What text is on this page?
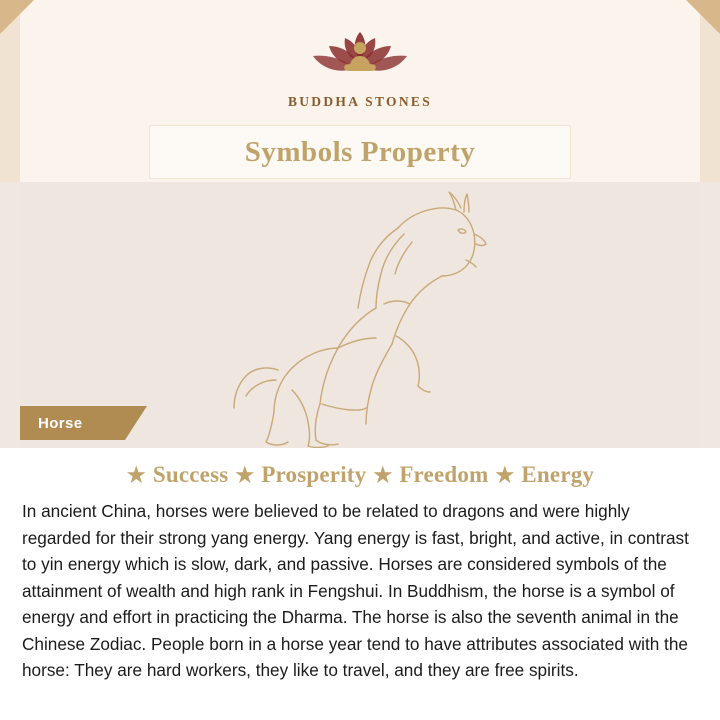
BUDDHA STONES
Symbols Property
Horse
★ Success ★ Prosperity ★ Freedom ★ Energy

In ancient China, horses were believed to be related to dragons and were highly regarded for their strong yang energy. Yang energy is fast, bright, and active, in contrast to yin energy which is slow, dark, and passive. Horses are considered symbols of the attainment of wealth and high rank in Fengshui. In Buddhism, the horse is a symbol of energy and effort in practicing the Dharma. The horse is also the seventh animal in the Chinese Zodiac. People born in a horse year tend to have attributes associated with the horse: They are hard workers, they like to travel, and they are free spirits.
